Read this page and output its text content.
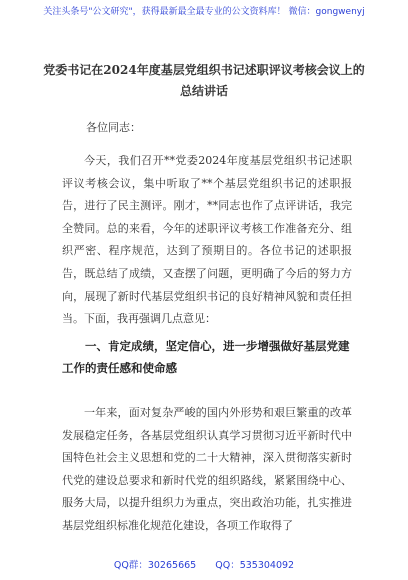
关注头条号"公文研究"，获得最新最全最专业的公文资料库！ 微信：gongwenyj
党委书记在2024年度基层党组织书记述职评议考核会议上的总结讲话
各位同志：
今天，我们召开**党委2024年度基层党组织书记述职评议考核会议，集中听取了**个基层党组织书记的述职报告，进行了民主测评。刚才，**同志也作了点评讲话，我完全赞同。总的来看，今年的述职评议考核工作准备充分、组织严密、程序规范，达到了预期目的。各位书记的述职报告，既总结了成绩，又查摆了问题，更明确了今后的努力方向，展现了新时代基层党组织书记的良好精神风貌和责任担当。下面，我再强调几点意见：
一、肯定成绩，坚定信心，进一步增强做好基层党建工作的责任感和使命感
一年来，面对复杂严峻的国内外形势和艰巨繁重的改革发展稳定任务，各基层党组织认真学习贯彻习近平新时代中国特色社会主义思想和党的二十大精神，深入贯彻落实新时代党的建设总要求和新时代党的组织路线，紧紧围绕中心、服务大局，以提升组织力为重点，突出政治功能，扎实推进基层党组织标准化规范化建设，各项工作取得了
QQ群：30265665 QQ：535304092
